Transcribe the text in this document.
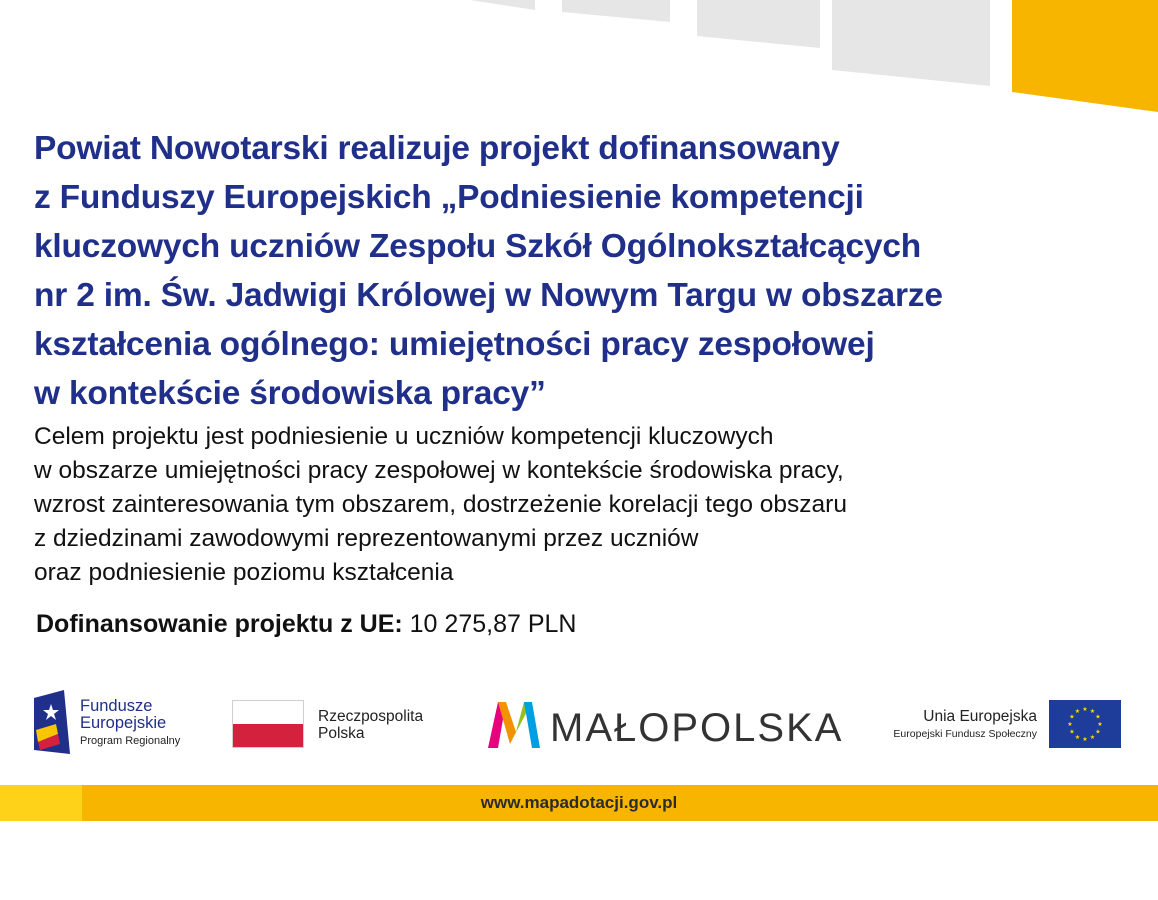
Powiat Nowotarski realizuje projekt dofinansowany
z Funduszy Europejskich „Podniesienie kompetencji
kluczowych uczniów Zespołu Szkół Ogólnokształcących
nr 2 im. Św. Jadwigi Królowej w Nowym Targu w obszarze
kształcenia ogólnego: umiejętności pracy zespołowej
w kontekście środowiska pracy”
Celem projektu jest podniesienie u uczniów kompetencji kluczowych
w obszarze umiejętności pracy zespołowej w kontekście środowiska pracy,
wzrost zainteresowania tym obszarem, dostrzeżenie korelacji tego obszaru
z dziedzinami zawodowymi reprezentowanymi przez uczniów
oraz podniesienie poziomu kształcenia
Dofinansowanie projektu z UE: 10 275,87 PLN
Fundusze
Europejskie
Program Regionalny
Rzeczpospolita
Polska	MAŁOPOLSKA	Unia Europejska
Europejski Fundusz Społeczny
★ ★
★
★
★
★
★
★
★
★
★
★
www.mapadotacji.gov.pl
